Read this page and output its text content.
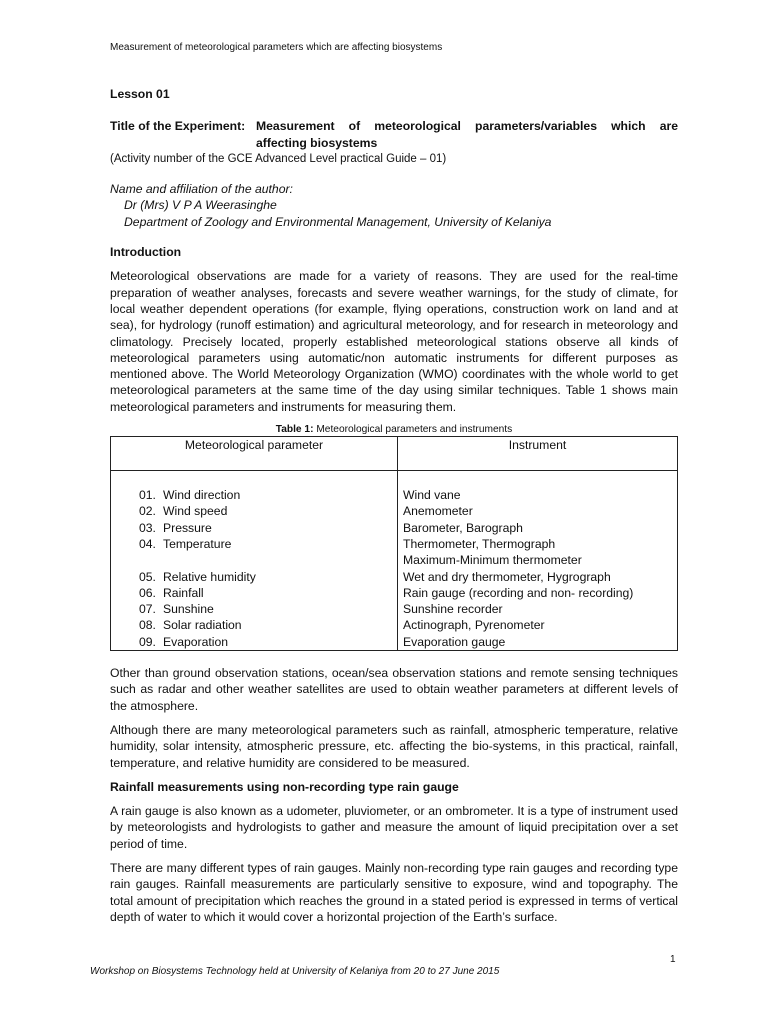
Measurement of meteorological parameters which are affecting biosystems
Lesson 01
Title of the Experiment: Measurement of meteorological parameters/variables which are affecting biosystems
(Activity number of the GCE Advanced Level practical Guide – 01)
Name and affiliation of the author:
Dr (Mrs) V P A Weerasinghe
Department of Zoology and Environmental Management, University of Kelaniya
Introduction

Meteorological observations are made for a variety of reasons. They are used for the real-time preparation of weather analyses, forecasts and severe weather warnings, for the study of climate, for local weather dependent operations (for example, flying operations, construction work on land and at sea), for hydrology (runoff estimation) and agricultural meteorology, and for research in meteorology and climatology. Precisely located, properly established meteorological stations observe all kinds of meteorological parameters using automatic/non automatic instruments for different purposes as mentioned above. The World Meteorology Organization (WMO) coordinates with the whole world to get meteorological parameters at the same time of the day using similar techniques. Table 1 shows main meteorological parameters and instruments for measuring them.

Table 1: Meteorological parameters and instruments
Meteorological parameter	Instrument
01. Wind direction	Wind vane

02. Wind speed	Anemometer

03. Pressure	Barometer, Barograph

04. Temperature	Thermometer, Thermograph
Maximum-Minimum thermometer

05. Relative humidity	Wet and dry thermometer, Hygrograph

06. Rainfall	Rain gauge (recording and non- recording)

07. Sunshine	Sunshine recorder

08. Solar radiation	Actinograph, Pyrenometer

09. Evaporation	Evaporation gauge

Other than ground observation stations, ocean/sea observation stations and remote sensing techniques such as radar and other weather satellites are used to obtain weather parameters at different levels of the atmosphere.

Although there are many meteorological parameters such as rainfall, atmospheric temperature, relative humidity, solar intensity, atmospheric pressure, etc. affecting the bio-systems, in this practical, rainfall, temperature, and relative humidity are considered to be measured.

Rainfall measurements using non-recording type rain gauge

A rain gauge is also known as a udometer, pluviometer, or an ombrometer. It is a type of instrument used by meteorologists and hydrologists to gather and measure the amount of liquid precipitation over a set period of time.

There are many different types of rain gauges. Mainly non-recording type rain gauges and recording type rain gauges. Rainfall measurements are particularly sensitive to exposure, wind and topography. The total amount of precipitation which reaches the ground in a stated period is expressed in terms of vertical depth of water to which it would cover a horizontal projection of the Earth’s surface.

1
Workshop on Biosystems Technology held at University of Kelaniya from 20 to 27 June 2015
